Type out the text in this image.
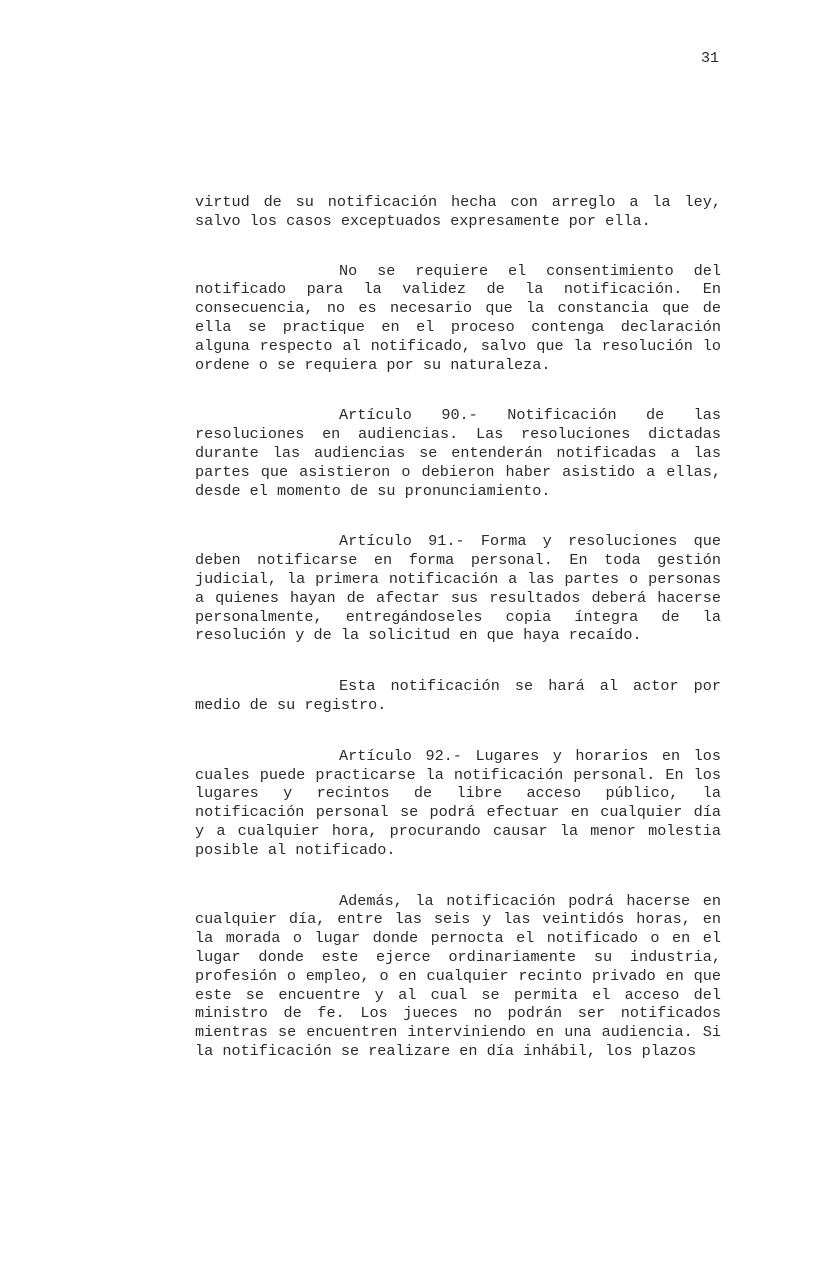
31

virtud de su notificación hecha con arreglo a la ley, salvo los casos exceptuados expresamente por ella.

No se requiere el consentimiento del notificado para la validez de la notificación. En consecuencia, no es necesario que la constancia que de ella se practique en el proceso contenga declaración alguna respecto al notificado, salvo que la resolución lo ordene o se requiera por su naturaleza.

Artículo 90.- Notificación de las resoluciones en audiencias. Las resoluciones dictadas durante las audiencias se entenderán notificadas a las partes que asistieron o debieron haber asistido a ellas, desde el momento de su pronunciamiento.

Artículo 91.- Forma y resoluciones que deben notificarse en forma personal. En toda gestión judicial, la primera notificación a las partes o personas a quienes hayan de afectar sus resultados deberá hacerse personalmente, entregándoseles copia íntegra de la resolución y de la solicitud en que haya recaído.

Esta notificación se hará al actor por medio de su registro.

Artículo 92.- Lugares y horarios en los cuales puede practicarse la notificación personal. En los lugares y recintos de libre acceso público, la notificación personal se podrá efectuar en cualquier día y a cualquier hora, procurando causar la menor molestia posible al notificado.

Además, la notificación podrá hacerse en cualquier día, entre las seis y las veintidós horas, en la morada o lugar donde pernocta el notificado o en el lugar donde este ejerce ordinariamente su industria, profesión o empleo, o en cualquier recinto privado en que este se encuentre y al cual se permita el acceso del ministro de fe. Los jueces no podrán ser notificados mientras se encuentren interviniendo en una audiencia. Si la notificación se realizare en día inhábil, los plazos
